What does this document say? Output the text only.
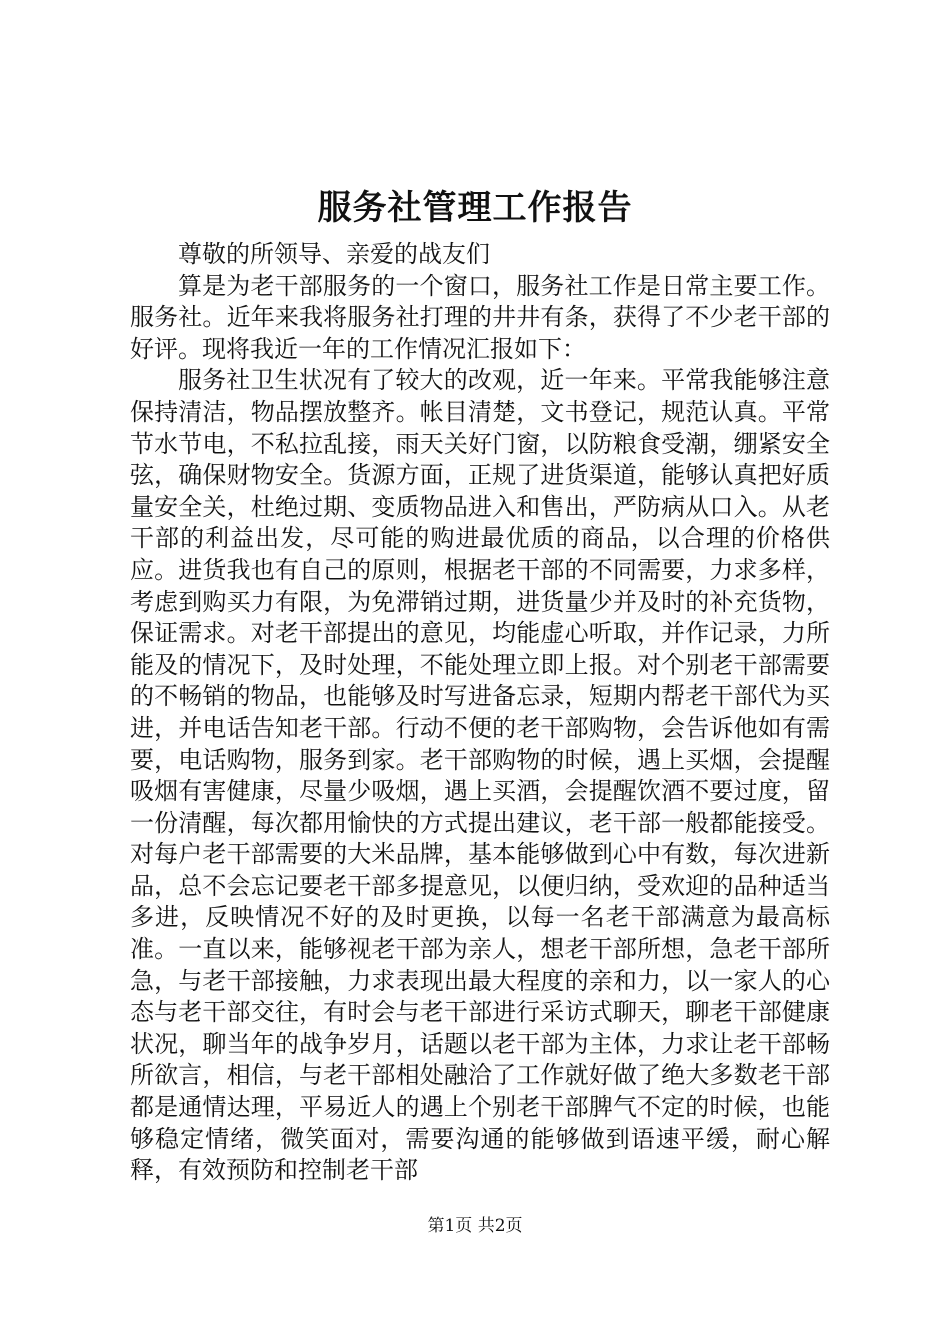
服务社管理工作报告

尊敬的所领导、亲爱的战友们

算是为老干部服务的一个窗口，服务社工作是日常主要工作。服务社。近年来我将服务社打理的井井有条，获得了不少老干部的好评。现将我近一年的工作情况汇报如下：

服务社卫生状况有了较大的改观，近一年来。平常我能够注意保持清洁，物品摆放整齐。帐目清楚，文书登记，规范认真。平常节水节电，不私拉乱接，雨天关好门窗，以防粮食受潮，绷紧安全弦，确保财物安全。货源方面，正规了进货渠道，能够认真把好质量安全关，杜绝过期、变质物品进入和售出，严防病从口入。从老干部的利益出发，尽可能的购进最优质的商品，以合理的价格供应。进货我也有自己的原则，根据老干部的不同需要，力求多样，考虑到购买力有限，为免滞销过期，进货量少并及时的补充货物，保证需求。对老干部提出的意见，均能虚心听取，并作记录，力所能及的情况下，及时处理，不能处理立即上报。对个别老干部需要的不畅销的物品，也能够及时写进备忘录，短期内帮老干部代为买进，并电话告知老干部。行动不便的老干部购物，会告诉他如有需要，电话购物，服务到家。老干部购物的时候，遇上买烟，会提醒吸烟有害健康，尽量少吸烟，遇上买酒，会提醒饮酒不要过度，留一份清醒，每次都用愉快的方式提出建议，老干部一般都能接受。对每户老干部需要的大米品牌，基本能够做到心中有数，每次进新品，总不会忘记要老干部多提意见，以便归纳，受欢迎的品种适当多进，反映情况不好的及时更换，以每一名老干部满意为最高标准。一直以来，能够视老干部为亲人，想老干部所想，急老干部所急，与老干部接触，力求表现出最大程度的亲和力，以一家人的心态与老干部交往，有时会与老干部进行采访式聊天，聊老干部健康状况，聊当年的战争岁月，话题以老干部为主体，力求让老干部畅所欲言，相信，与老干部相处融洽了工作就好做了绝大多数老干部都是通情达理，平易近人的遇上个别老干部脾气不定的时候，也能够稳定情绪，微笑面对，需要沟通的能够做到语速平缓，耐心解释，有效预防和控制老干部

第1页 共2页
